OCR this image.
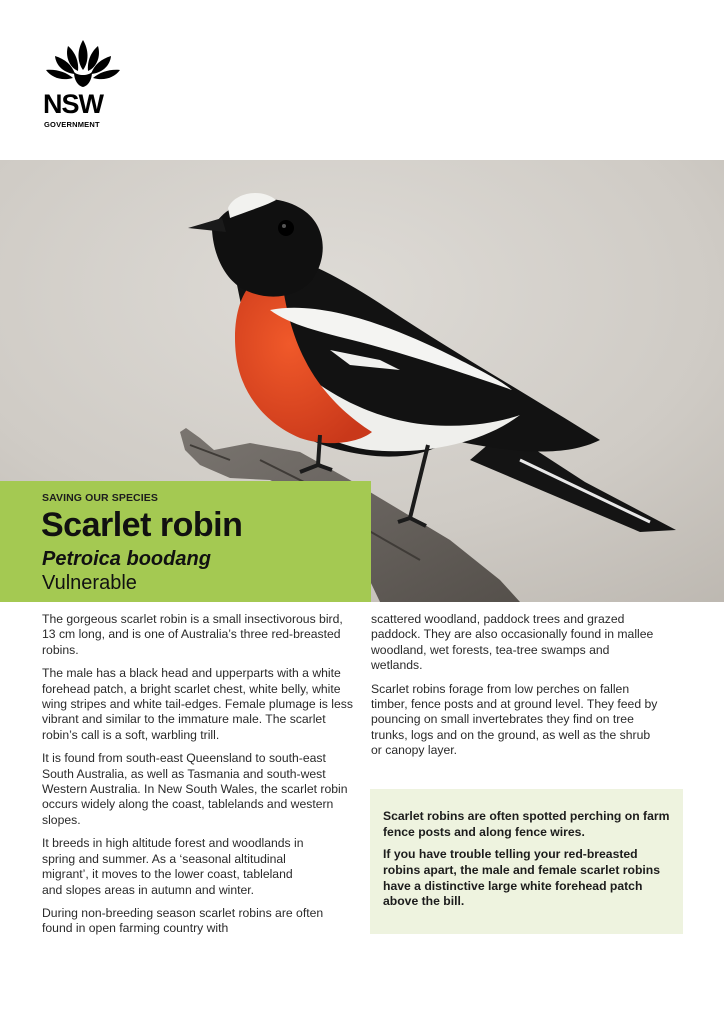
NSW
GOVERNMENT
SAVING OUR SPECIES
Scarlet robin
Petroica boodang
Vulnerable

The gorgeous scarlet robin is a small insectivorous bird, 13 cm long, and is one of Australia’s three red-breasted robins.

The male has a black head and upperparts with a white forehead patch, a bright scarlet chest, white belly, white wing stripes and white tail-edges. Female plumage is less vibrant and similar to the immature male. The scarlet robin’s call is a soft, warbling trill.

It is found from south-east Queensland to south-east South Australia, as well as Tasmania and south-west Western Australia. In New South Wales, the scarlet robin occurs widely along the coast, tablelands and western slopes.

It breeds in high altitude forest and woodlands in spring and summer. As a ‘seasonal altitudinal migrant’, it moves to the lower coast, tableland and slopes areas in autumn and winter.

During non-breeding season scarlet robins are often found in open farming country with

scattered woodland, paddock trees and grazed paddock. They are also occasionally found in mallee woodland, wet forests, tea-tree swamps and wetlands.

Scarlet robins forage from low perches on fallen timber, fence posts and at ground level. They feed by pouncing on small invertebrates they find on tree trunks, logs and on the ground, as well as the shrub or canopy layer.

Scarlet robins are often spotted perching on farm fence posts and along fence wires.

If you have trouble telling your red-breasted robins apart, the male and female scarlet robins have a distinctive large white forehead patch above the bill.
